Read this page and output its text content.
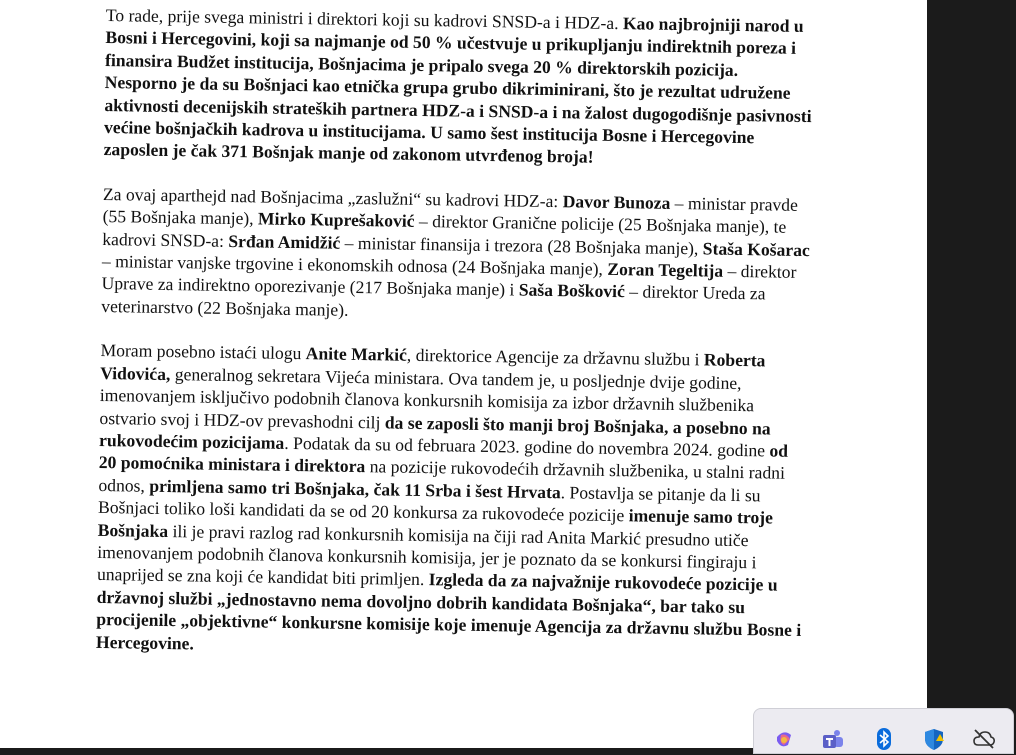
To rade, prije svega ministri i direktori koji su kadrovi SNSD-a i HDZ-a. Kao najbrojniji narod u Bosni i Hercegovini, koji sa najmanje od 50 % učestvuje u prikupljanju indirektnih poreza i finansira Budžet institucija, Bošnjacima je pripalo svega 20 % direktorskih pozicija. Nesporno je da su Bošnjaci kao etnička grupa grubo dikriminirani, što je rezultat udružene aktivnosti decenijskih strateških partnera HDZ-a i SNSD-a i na žalost dugogodišnje pasivnosti većine bošnjačkih kadrova u institucijama. U samo šest institucija Bosne i Hercegovine zaposlen je čak 371 Bošnjak manje od zakonom utvrđenog broja!

Za ovaj aparthejd nad Bošnjacima „zaslužni“ su kadrovi HDZ-a: Davor Bunoza – ministar pravde (55 Bošnjaka manje), Mirko Kuprešaković – direktor Granične policije (25 Bošnjaka manje), te kadrovi SNSD-a: Srđan Amidžić – ministar finansija i trezora (28 Bošnjaka manje), Staša Košarac – ministar vanjske trgovine i ekonomskih odnosa (24 Bošnjaka manje), Zoran Tegeltija – direktor Uprave za indirektno oporezivanje (217 Bošnjaka manje) i Saša Bošković – direktor Ureda za veterinarstvo (22 Bošnjaka manje).

Moram posebno istaći ulogu Anite Markić, direktorice Agencije za državnu službu i Roberta Vidovića, generalnog sekretara Vijeća ministara. Ova tandem je, u posljednje dvije godine, imenovanjem isključivo podobnih članova konkursnih komisija za izbor državnih službenika ostvario svoj i HDZ-ov prevashodni cilj da se zaposli što manji broj Bošnjaka, a posebno na rukovodećim pozicijama. Podatak da su od februara 2023. godine do novembra 2024. godine od 20 pomoćnika ministara i direktora na pozicije rukovodećih državnih službenika, u stalni radni odnos, primljena samo tri Bošnjaka, čak 11 Srba i šest Hrvata. Postavlja se pitanje da li su Bošnjaci toliko loši kandidati da se od 20 konkursa za rukovodeće pozicije imenuje samo troje Bošnjaka ili je pravi razlog rad konkursnih komisija na čiji rad Anita Markić presudno utiče imenovanjem podobnih članova konkursnih komisija, jer je poznato da se konkursi fingiraju i unaprijed se zna koji će kandidat biti primljen. Izgleda da za najvažnije rukovodeće pozicije u državnoj službi „jednostavno nema dovoljno dobrih kandidata Bošnjaka“, bar tako su procijenile „objektivne“ konkursne komisije koje imenuje Agencija za državnu službu Bosne i Hercegovine.
